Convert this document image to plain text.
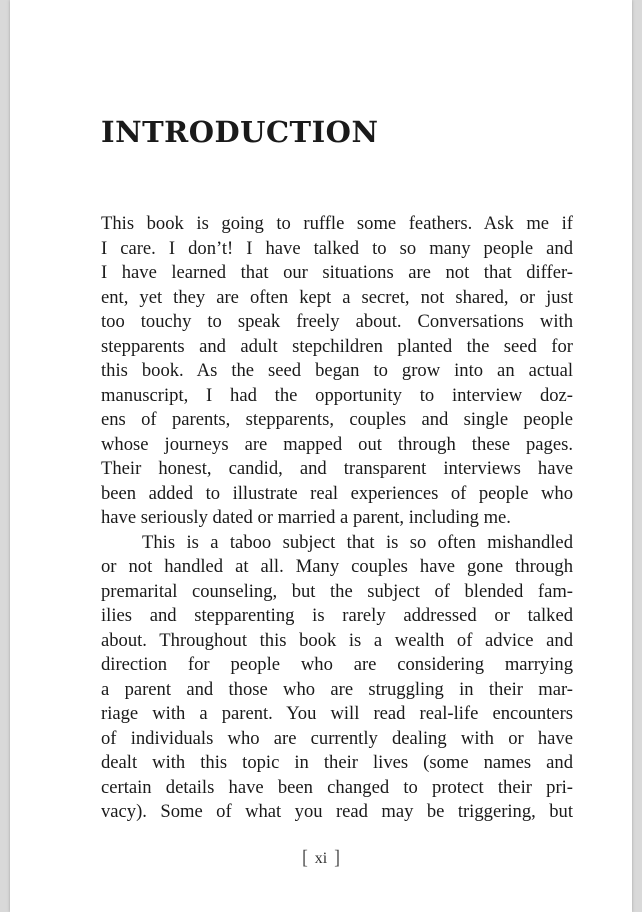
INTRODUCTION
This book is going to ruffle some feathers. Ask me if
I care. I don’t! I have talked to so many people and
I have learned that our situations are not that differ-
ent, yet they are often kept a secret, not shared, or just
too touchy to speak freely about. Conversations with
stepparents and adult stepchildren planted the seed for
this book. As the seed began to grow into an actual
manuscript, I had the opportunity to interview doz-
ens of parents, stepparents, couples and single people
whose journeys are mapped out through these pages.
Their honest, candid, and transparent interviews have
been added to illustrate real experiences of people who
have seriously dated or married a parent, including me.
This is a taboo subject that is so often mishandled
or not handled at all. Many couples have gone through
premarital counseling, but the subject of blended fam-
ilies and stepparenting is rarely addressed or talked
about. Throughout this book is a wealth of advice and
direction for people who are considering marrying
a parent and those who are struggling in their mar-
riage with a parent. You will read real-life encounters
of individuals who are currently dealing with or have
dealt with this topic in their lives (some names and
certain details have been changed to protect their pri-
vacy). Some of what you read may be triggering, but
[ xi ]
